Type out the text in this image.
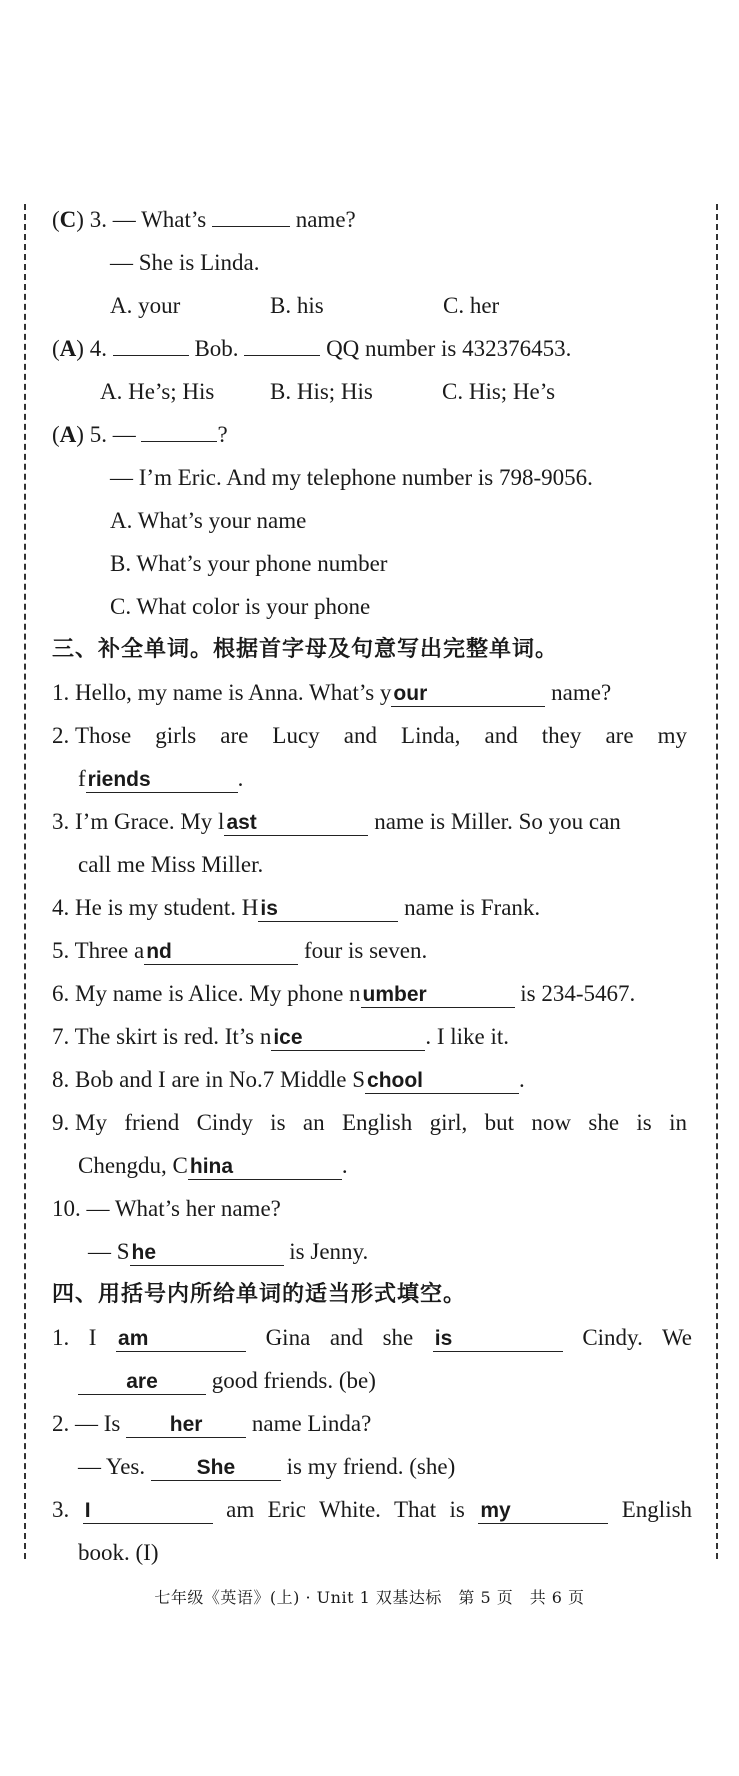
(C) 3. — What’s	name?
— She is Linda.
A. your	B. his	C. her
(A) 4.	Bob.	QQ number is 432376453.
A. He’s; His B. His; His	C. His; He’s
(A) 5. —	?
— I’m Eric. And my telephone number is 798-9056.
A. What’s your name
B. What’s your phone number
C. What color is your phone
三、补全单词。根据首字母及句意写出完整单词。
1. Hello, my name is Anna. What’s your	name?
2. Those girls are Lucy and Linda, and they are my
friends	.
3. I’m Grace. My last	name is Miller. So you can
call me Miss Miller.
4. He is my student. His	name is Frank.
5. Three and	four is seven.
6. My name is Alice. My phone number	is 234-5467.
7. The skirt is red. It’s nice	. I like it.
8. Bob and I are in No.7 Middle School	.
9. My friend Cindy is an English girl, but now she is in
Chengdu, China	.
10. — What’s her name?
— She	is Jenny.
四、用括号内所给单词的适当形式填空。
1. I am	Gina and she is	Cindy. We
are good friends. (be)
2. — Is her name Linda?
— Yes. She is my friend. (she)
3. I	am Eric White. That is my	English
book. (I)
七年级《英语》(上) · Unit 1 双基达标　第 5 页　共 6 页
